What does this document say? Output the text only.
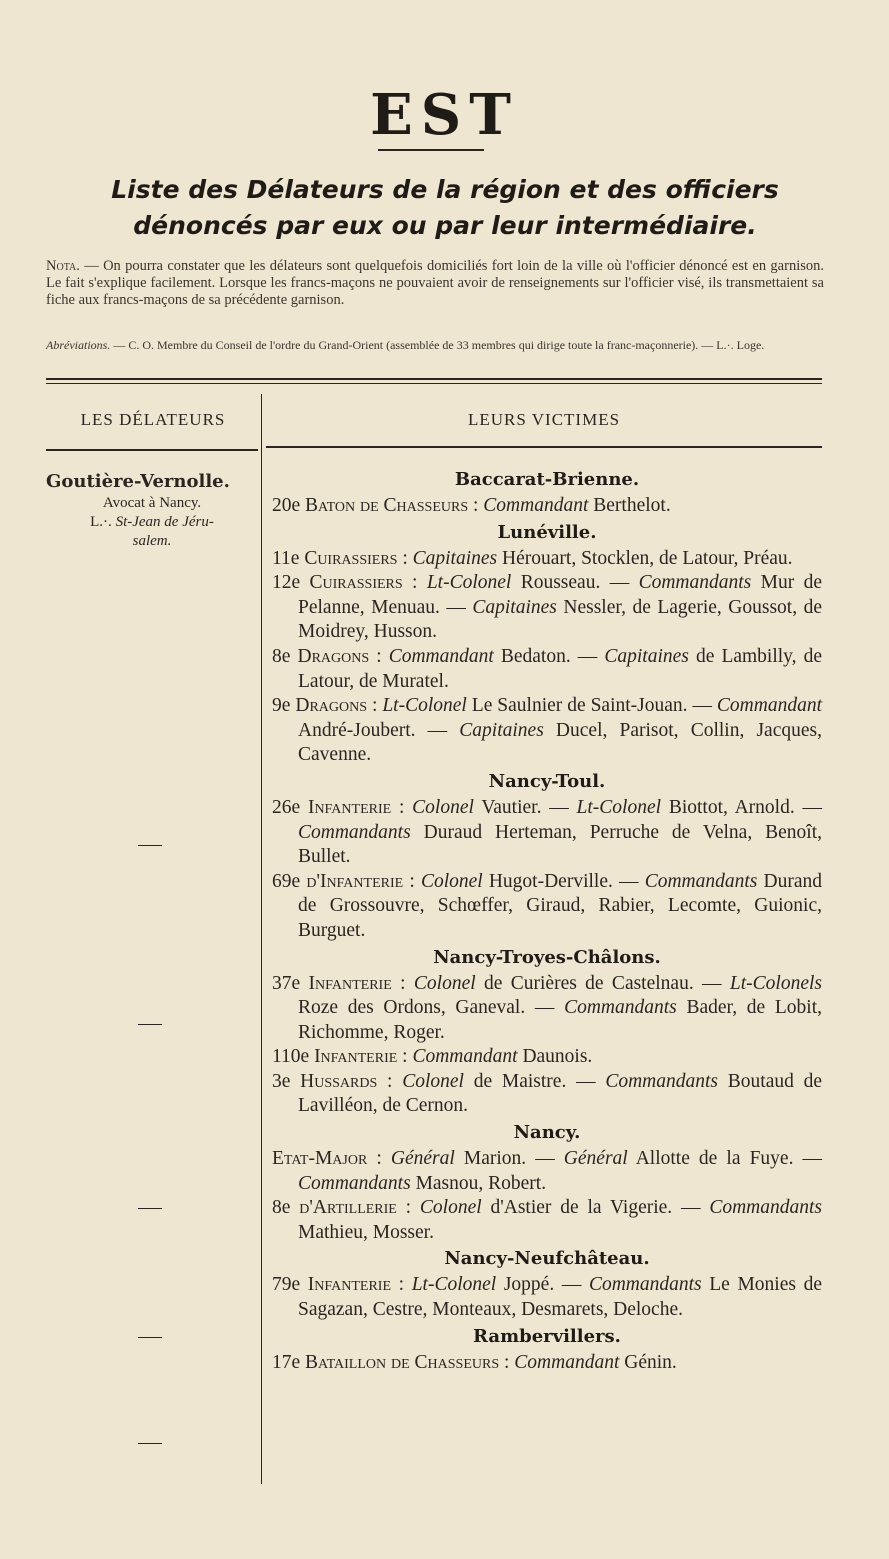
EST
Liste des Délateurs de la région et des officiers
dénoncés par eux ou par leur intermédiaire.
Nota. — On pourra constater que les délateurs sont quelquefois domiciliés fort loin de la ville où l'officier dénoncé est en garnison. Le fait s'explique facilement. Lorsque les francs-maçons ne pouvaient avoir de renseignements sur l'officier visé, ils transmettaient sa fiche aux francs-maçons de sa précédente garnison.
Abréviations. — C. O. Membre du Conseil de l'ordre du Grand-Orient (assemblée de 33 membres qui dirige toute la franc-maçonnerie). — L.·. Loge.
LES DÉLATEURS	LEURS VICTIMES
Goutière-Vernolle.
Avocat à Nancy.
L.·. St-Jean de Jéru-
salem.
Baccarat-Brienne.
20e Baton de Chasseurs : Commandant Berthelot.
Lunéville.
11e Cuirassiers : Capitaines Hérouart, Stocklen, de Latour, Préau.
12e Cuirassiers : Lt-Colonel Rousseau. — Commandants Mur de Pelanne, Menuau. — Capitaines Nessler, de Lagerie, Goussot, de Moidrey, Husson.
8e Dragons : Commandant Bedaton. — Capitaines de Lambilly, de Latour, de Muratel.
9e Dragons : Lt-Colonel Le Saulnier de Saint-Jouan. — Commandant André-Joubert. — Capitaines Ducel, Parisot, Collin, Jacques, Cavenne.
Nancy-Toul.
26e Infanterie : Colonel Vautier. — Lt-Colonel Biottot, Arnold. — Commandants Duraud Herteman, Perruche de Velna, Benoît, Bullet.
69e d'Infanterie : Colonel Hugot-Derville. — Commandants Durand de Grossouvre, Schœffer, Giraud, Rabier, Lecomte, Guionic, Burguet.
Nancy-Troyes-Châlons.
37e Infanterie : Colonel de Curières de Castelnau. — Lt-Colonels Roze des Ordons, Ganeval. — Commandants Bader, de Lobit, Richomme, Roger.
110e Infanterie : Commandant Daunois.
3e Hussards : Colonel de Maistre. — Commandants Boutaud de Lavilléon, de Cernon.
Nancy.
Etat-Major : Général Marion. — Général Allotte de la Fuye. — Commandants Masnou, Robert.
8e d'Artillerie : Colonel d'Astier de la Vigerie. — Commandants Mathieu, Mosser.
Nancy-Neufchâteau.
79e Infanterie : Lt-Colonel Joppé. — Commandants Le Monies de Sagazan, Cestre, Monteaux, Desmarets, Deloche.
Rambervillers.
17e Bataillon de Chasseurs : Commandant Génin.
